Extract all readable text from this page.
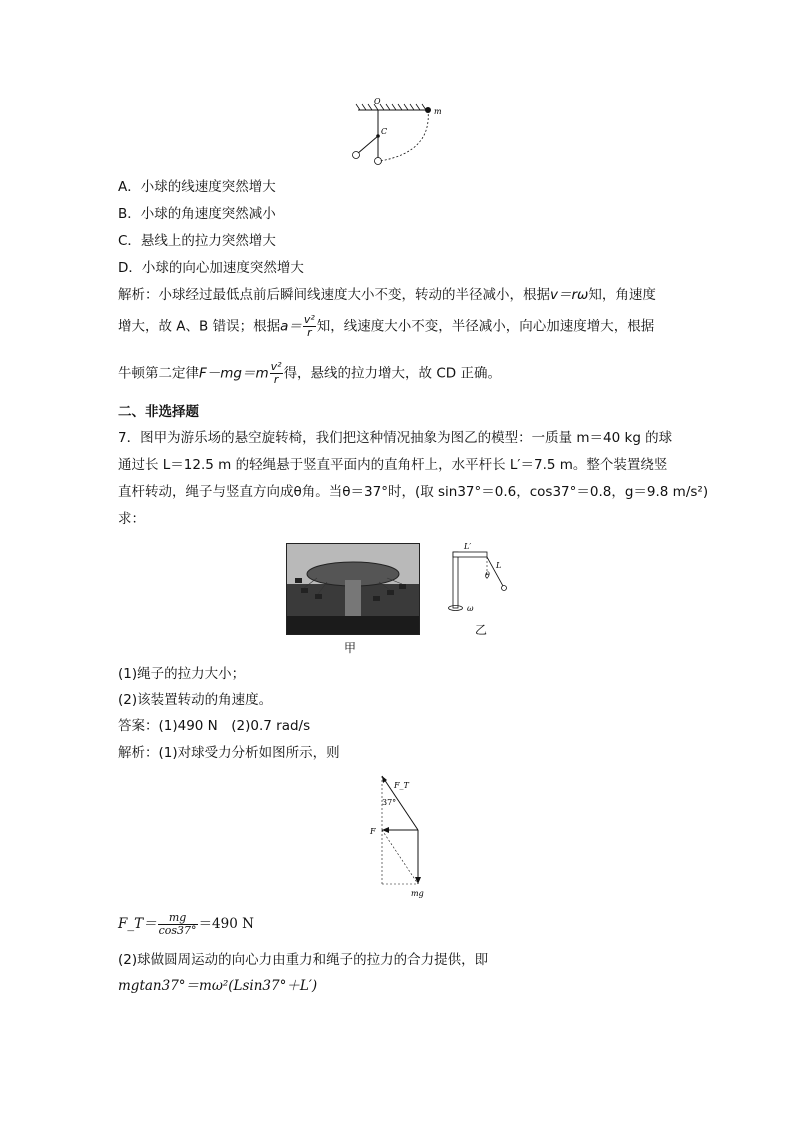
O
m
C
A．小球的线速度突然增大
B．小球的角速度突然减小
C．悬线上的拉力突然增大
D．小球的向心加速度突然增大
解析：小球经过最低点前后瞬间线速度大小不变，转动的半径减小，根据v＝rω知，角速度
增大，故 A、B 错误；根据$a= \frac{\text{v²}}{r}$ 知，线速度大小不变，半径减小，向心加速度增大，根据
牛顿第二定律$F-mg=m \frac{\text{v²}}{r}$ 得，悬线的拉力增大，故 CD 正确。
二、非选择题
7．图甲为游乐场的悬空旋转椅，我们把这种情况抽象为图乙的模型：一质量 m＝40 kg 的球
通过长 L＝12.5 m 的轻绳悬于竖直平面内的直角杆上，水平杆长 L′＝7.5 m。整个装置绕竖
直杆转动，绳子与竖直方向成θ角。当θ＝37°时，(取 sin37°＝0.6，cos37°＝0.8，g＝9.8 m/s²)
求：
甲
L′
L
θ
ω
乙
(1)绳子的拉力大小；
(2)该装置转动的角速度。
答案：(1)490 N　(2)0.7 rad/s
解析：(1)对球受力分析如图所示，则
F_T
37°
F
mg
F_T＝ $\frac{mg}{\cos 37^\circ} =490$ N
(2)球做圆周运动的向心力由重力和绳子的拉力的合力提供，即
mgtan37°＝mω²(Lsin37°＋L′)
